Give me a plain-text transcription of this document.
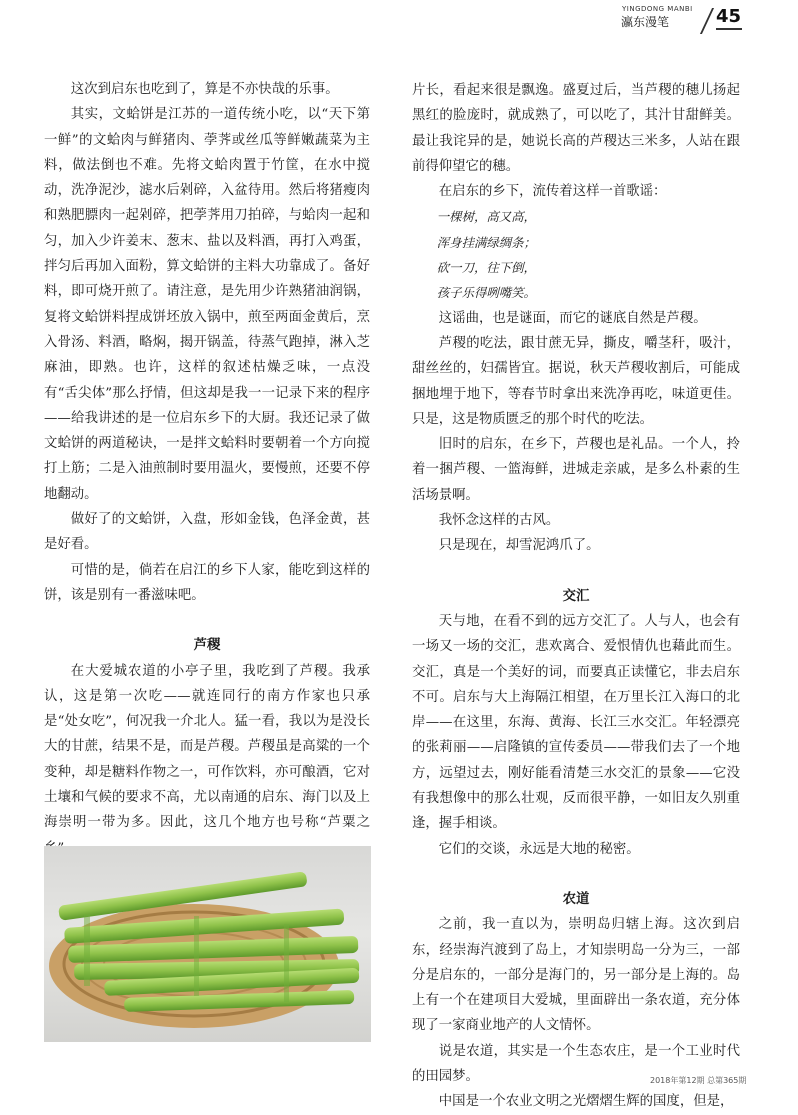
YINGDONG MANBI
瀛东漫笔	45

这次到启东也吃到了，算是不亦快哉的乐事。

其实，文蛤饼是江苏的一道传统小吃，以“天下第一鲜”的文蛤肉与鲜猪肉、荸荠或丝瓜等鲜嫩蔬菜为主料，做法倒也不难。先将文蛤肉置于竹筐，在水中搅动，洗净泥沙，滤水后剁碎，入盆待用。然后将猪瘦肉和熟肥膘肉一起剁碎，把荸荠用刀拍碎，与蛤肉一起和匀，加入少许姜末、葱末、盐以及料酒，再打入鸡蛋，拌匀后再加入面粉，算文蛤饼的主料大功靠成了。备好料，即可烧开煎了。请注意，是先用少许熟猪油润锅，复将文蛤饼料捏成饼坯放入锅中，煎至两面金黄后，烹入骨汤、料酒，略焖，揭开锅盖，待蒸气跑掉，淋入芝麻油，即熟。也许，这样的叙述枯燥乏味，一点没有“舌尖体”那么抒情，但这却是我一一记录下来的程序——给我讲述的是一位启东乡下的大厨。我还记录了做文蛤饼的两道秘诀，一是拌文蛤料时要朝着一个方向搅打上筋；二是入油煎制时要用温火，要慢煎，还要不停地翻动。

做好了的文蛤饼，入盘，形如金钱，色泽金黄，甚是好看。

可惜的是，倘若在启江的乡下人家，能吃到这样的饼，该是别有一番滋味吧。

芦稷

在大爱城农道的小亭子里，我吃到了芦稷。我承认，这是第一次吃——就连同行的南方作家也只承是“处女吃”，何况我一介北人。猛一看，我以为是没长大的甘蔗，结果不是，而是芦稷。芦稷虽是高粱的一个变种，却是糖料作物之一，可作饮料，亦可酿酒，它对土壤和气候的要求不高，尤以南通的启东、海门以及上海崇明一带为多。因此，这几个地方也号称“芦粟之

片长，看起来很是飘逸。盛夏过后，当芦稷的穗儿扬起黑红的脸庞时，就成熟了，可以吃了，其汁甘甜鲜美。最让我诧异的是，她说长高的芦稷达三米多，人站在跟前得仰望它的穗。

在启东的乡下，流传着这样一首歌谣：

一棵树，高又高，

浑身挂满绿绸条；

砍一刀，往下倒，

孩子乐得咧嘴笑。

这谣曲，也是谜面，而它的谜底自然是芦稷。

芦稷的吃法，跟甘蔗无异，撕皮，嚼茎秆，吸汁，甜丝丝的，妇孺皆宜。据说，秋天芦稷收割后，可能成捆地埋于地下，等春节时拿出来洗净再吃，味道更佳。只是，这是物质匮乏的那个时代的吃法。

旧时的启东，在乡下，芦稷也是礼品。一个人，拎着一捆芦稷、一篮海鲜，进城走亲戚，是多么朴素的生活场景啊。

我怀念这样的古风。

只是现在，却雪泥鸿爪了。

交汇

天与地，在看不到的远方交汇了。人与人，也会有一场又一场的交汇，悲欢离合、爱恨情仇也藉此而生。交汇，真是一个美好的词，而要真正读懂它，非去启东不可。启东与大上海隔江相望，在万里长江入海口的北岸——在这里，东海、黄海、长江三水交汇。年轻漂亮的张莉丽——启隆镇的宣传委员——带我们去了一个地方，远望过去，刚好能看清楚三水交汇的景象——它没有我想像中的那么壮观，反而很平静，一如旧友久别重逢，握手相谈。

它们的交谈，永远是大地的秘密。

农道

之前，我一直以为，崇明岛归辖上海。这次到启东，经崇海汽渡到了岛上，才知崇明岛一分为三，一部分是启东的，一部分是海门的，另一部分是上海的。岛上有一个在建项目大爱城，里面辟出一条农道，充分体现了一家商业地产的人文情怀。

说是农道，其实是一个生态农庄，是一个工业时代的田园梦。

中国是一个农业文明之光熠熠生辉的国度，但是，

2018年第12期 总第365期
